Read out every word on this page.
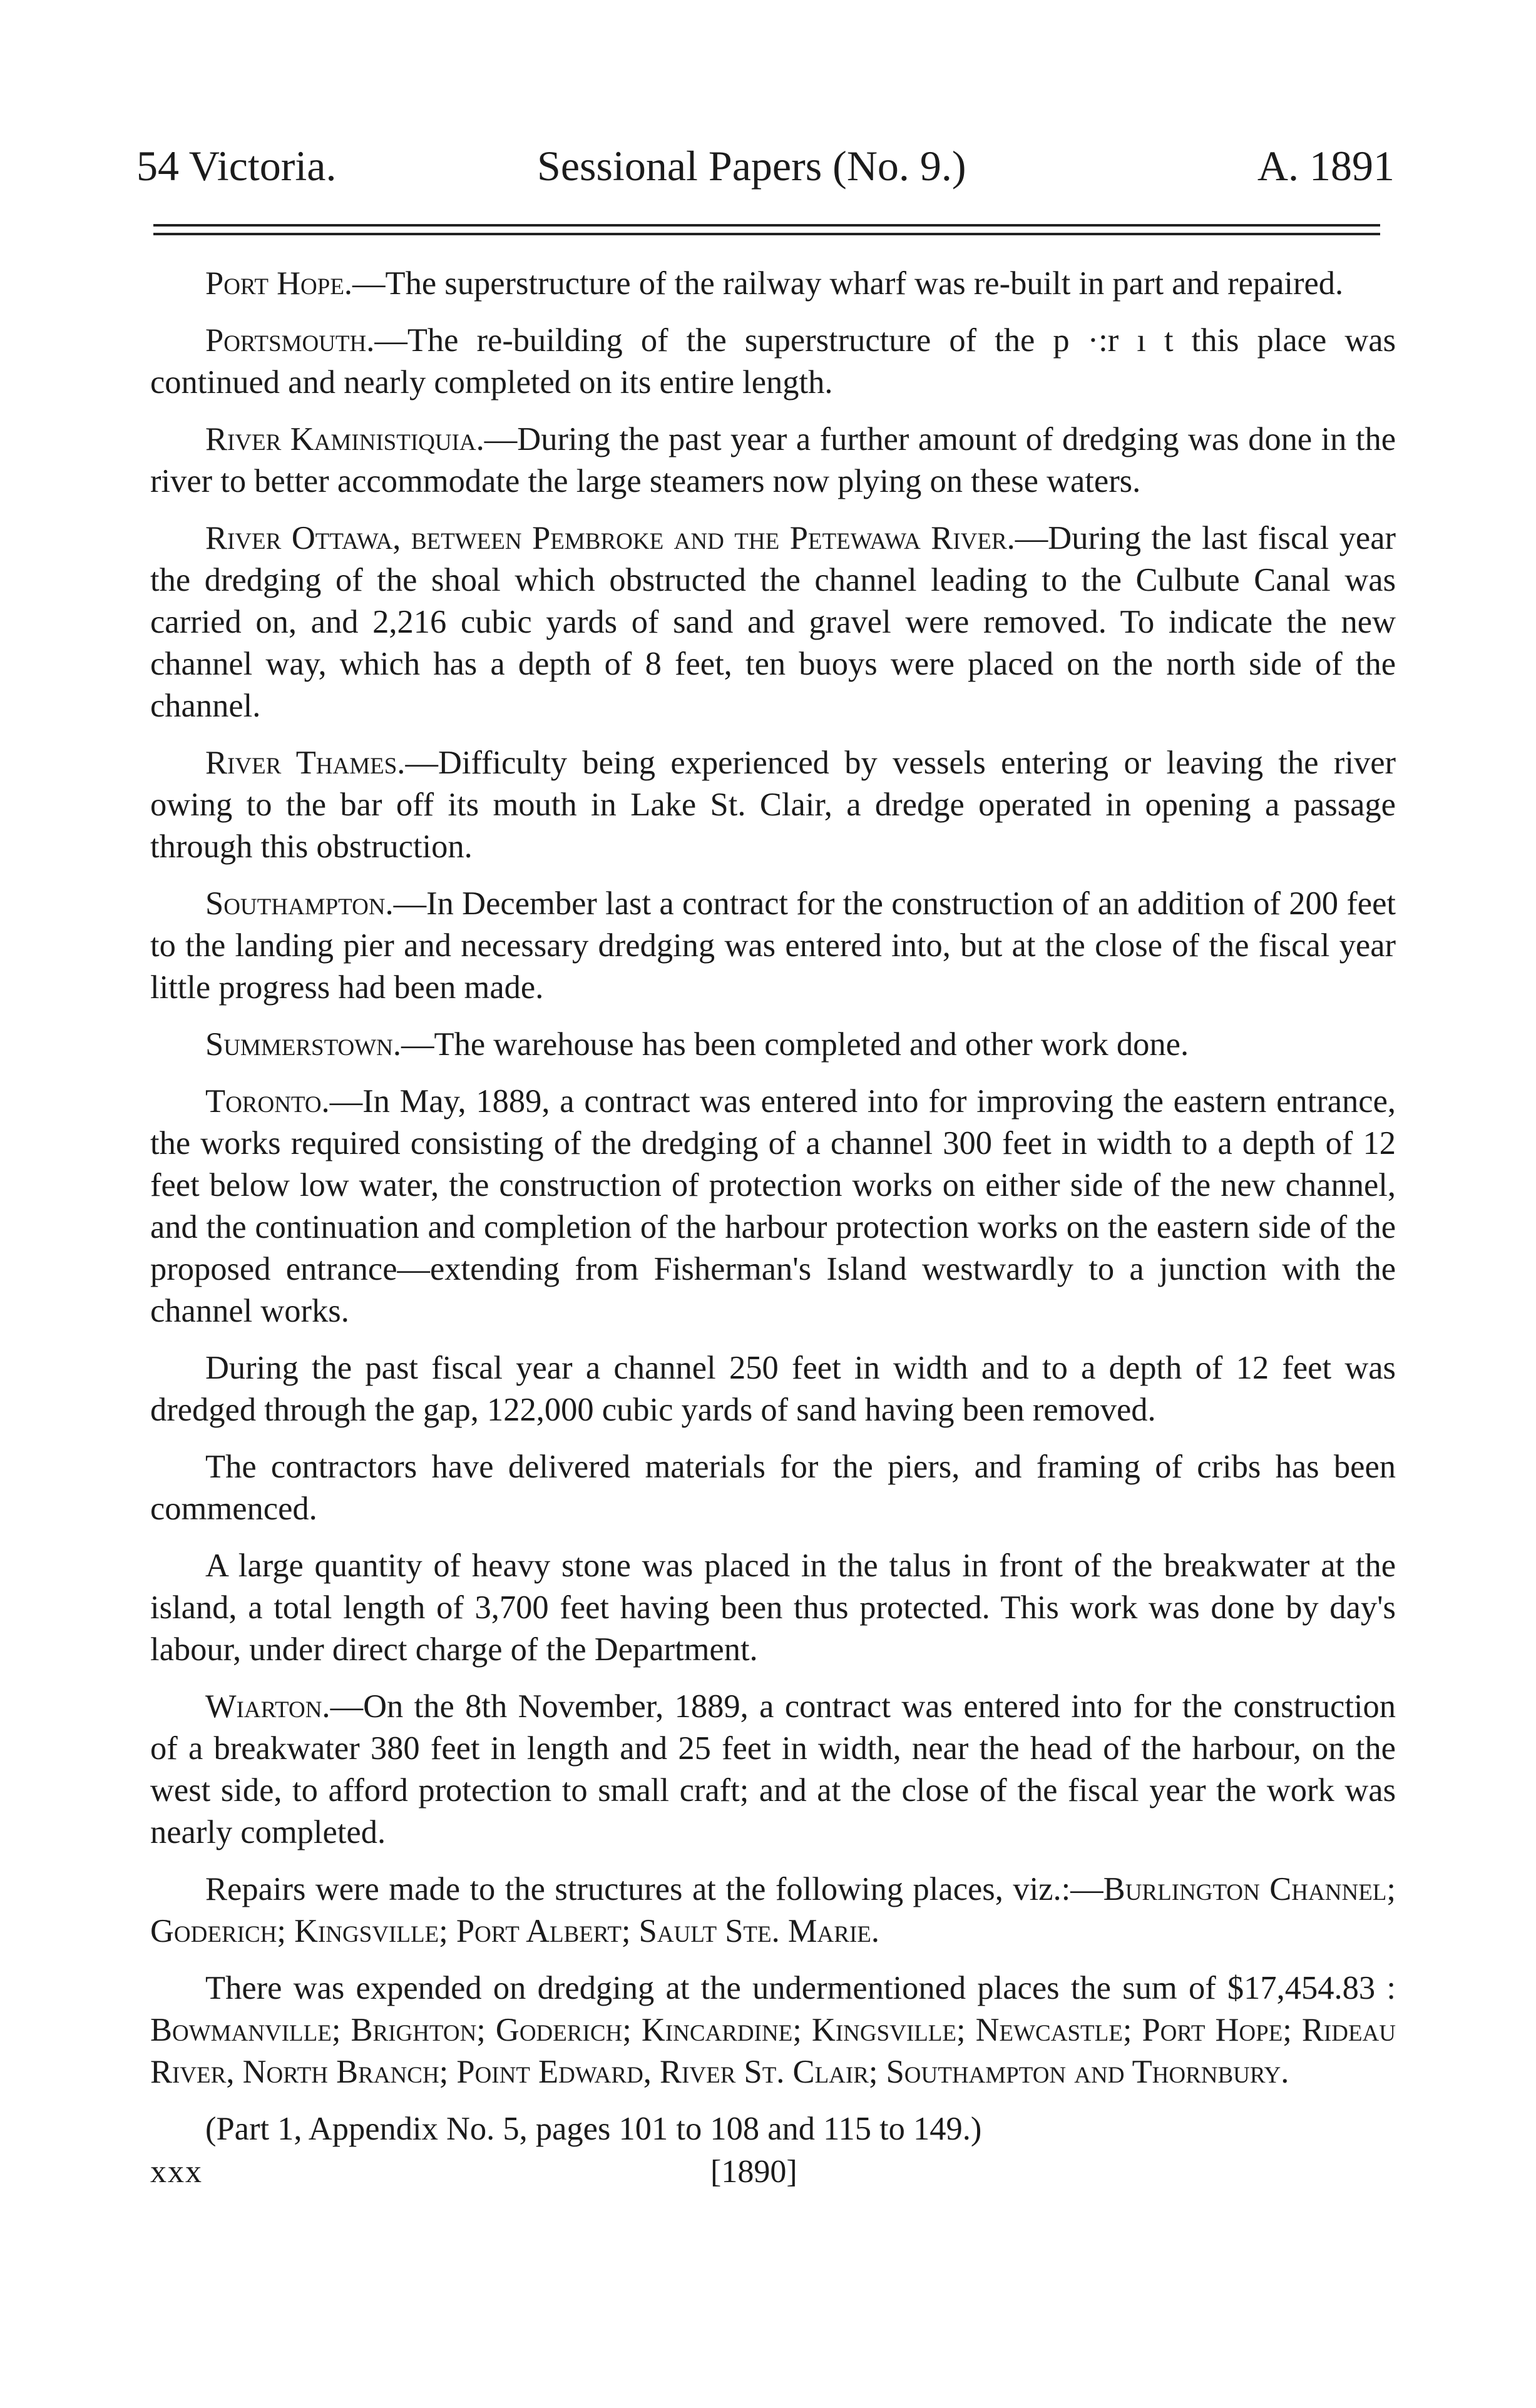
54 Victoria.	Sessional Papers (No. 9.)	A. 1891

Port Hope.—The superstructure of the railway wharf was re-built in part and repaired.

Portsmouth.—The re-building of the superstructure of the p ·:r ı t this place was continued and nearly completed on its entire length.

River Kaministiquia.—During the past year a further amount of dredging was done in the river to better accommodate the large steamers now plying on these waters.

River Ottawa, between Pembroke and the Petewawa River.—During the last fiscal year the dredging of the shoal which obstructed the channel leading to the Culbute Canal was carried on, and 2,216 cubic yards of sand and gravel were removed. To indicate the new channel way, which has a depth of 8 feet, ten buoys were placed on the north side of the channel.

River Thames.—Difficulty being experienced by vessels entering or leaving the river owing to the bar off its mouth in Lake St. Clair, a dredge operated in opening a passage through this obstruction.

Southampton.—In December last a contract for the construction of an addition of 200 feet to the landing pier and necessary dredging was entered into, but at the close of the fiscal year little progress had been made.

Summerstown.—The warehouse has been completed and other work done.

Toronto.—In May, 1889, a contract was entered into for improving the eastern entrance, the works required consisting of the dredging of a channel 300 feet in width to a depth of 12 feet below low water, the construction of protection works on either side of the new channel, and the continuation and completion of the harbour protection works on the eastern side of the proposed entrance—extending from Fisherman's Island westwardly to a junction with the channel works.

During the past fiscal year a channel 250 feet in width and to a depth of 12 feet was dredged through the gap, 122,000 cubic yards of sand having been removed.

The contractors have delivered materials for the piers, and framing of cribs has been commenced.

A large quantity of heavy stone was placed in the talus in front of the breakwater at the island, a total length of 3,700 feet having been thus protected. This work was done by day's labour, under direct charge of the Department.

Wiarton.—On the 8th November, 1889, a contract was entered into for the construction of a breakwater 380 feet in length and 25 feet in width, near the head of the harbour, on the west side, to afford protection to small craft; and at the close of the fiscal year the work was nearly completed.

Repairs were made to the structures at the following places, viz.:—Burlington Channel; Goderich; Kingsville; Port Albert; Sault Ste. Marie.

There was expended on dredging at the undermentioned places the sum of $17,454.83 : Bowmanville; Brighton; Goderich; Kincardine; Kingsville; Newcastle; Port Hope; Rideau River, North Branch; Point Edward, River St. Clair; Southampton and Thornbury.

(Part 1, Appendix No. 5, pages 101 to 108 and 115 to 149.)

xxx	[1890]
